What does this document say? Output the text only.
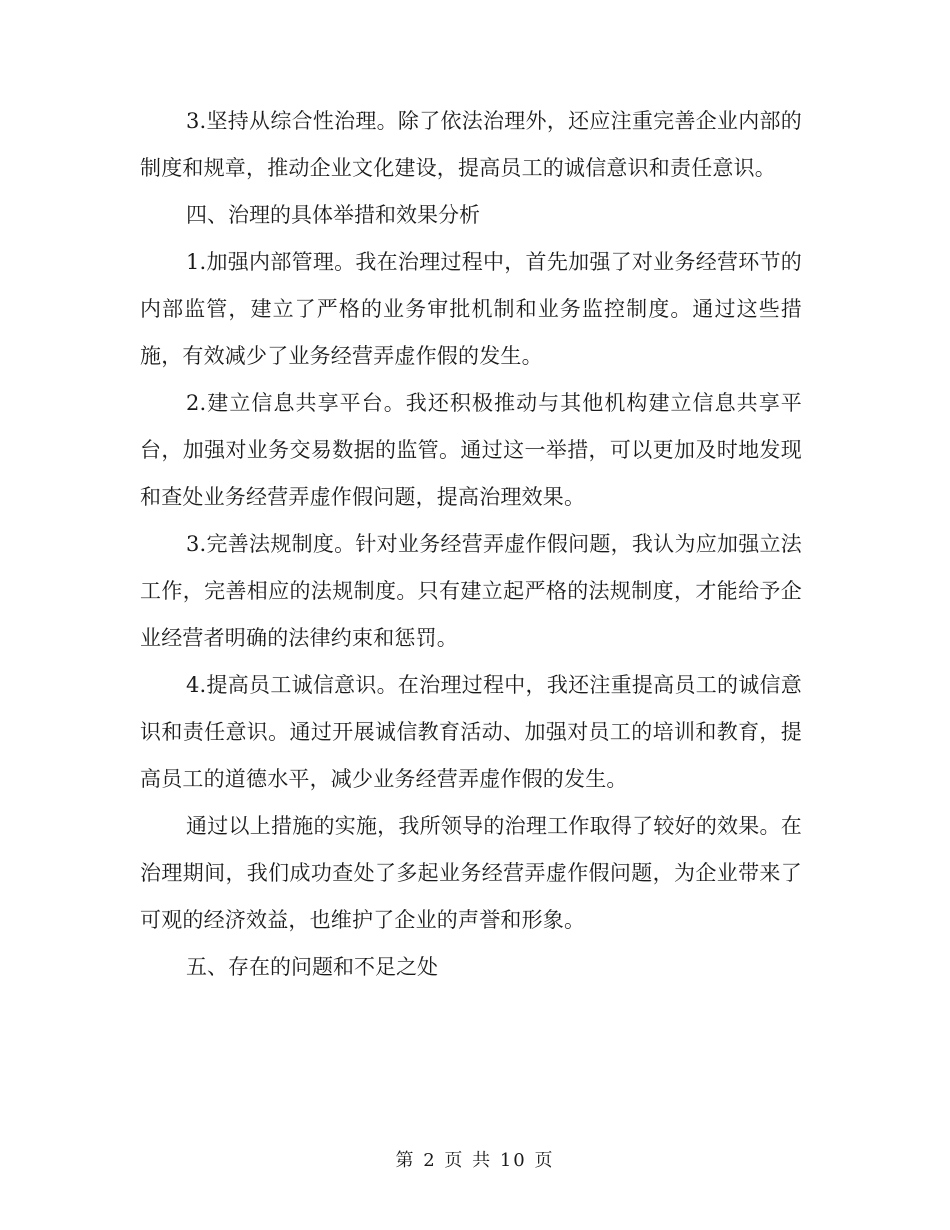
3.坚持从综合性治理。除了依法治理外，还应注重完善企业内部的制度和规章，推动企业文化建设，提高员工的诚信意识和责任意识。

四、治理的具体举措和效果分析

1.加强内部管理。我在治理过程中，首先加强了对业务经营环节的内部监管，建立了严格的业务审批机制和业务监控制度。通过这些措施，有效减少了业务经营弄虚作假的发生。

2.建立信息共享平台。我还积极推动与其他机构建立信息共享平台，加强对业务交易数据的监管。通过这一举措，可以更加及时地发现和查处业务经营弄虚作假问题，提高治理效果。

3.完善法规制度。针对业务经营弄虚作假问题，我认为应加强立法工作，完善相应的法规制度。只有建立起严格的法规制度，才能给予企业经营者明确的法律约束和惩罚。

4.提高员工诚信意识。在治理过程中，我还注重提高员工的诚信意识和责任意识。通过开展诚信教育活动、加强对员工的培训和教育，提高员工的道德水平，减少业务经营弄虚作假的发生。

通过以上措施的实施，我所领导的治理工作取得了较好的效果。在治理期间，我们成功查处了多起业务经营弄虚作假问题，为企业带来了可观的经济效益，也维护了企业的声誉和形象。

五、存在的问题和不足之处

第 2 页 共 10 页
